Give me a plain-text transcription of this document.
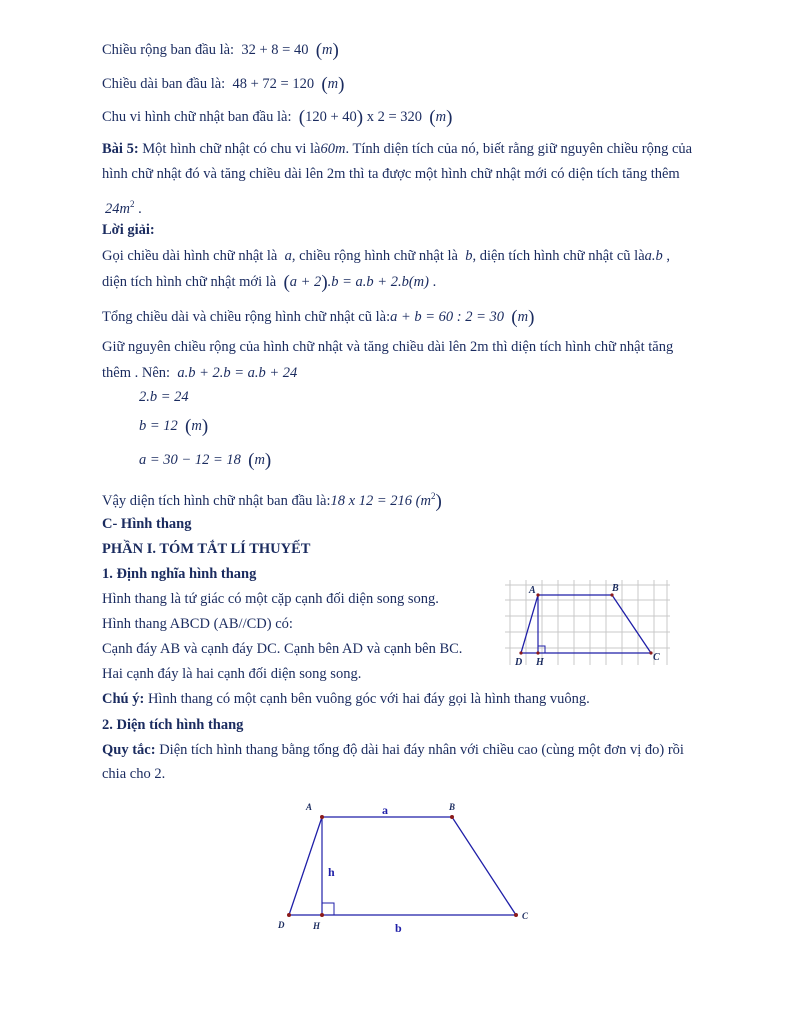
Chiều rộng ban đầu là: 32 + 8 = 40 (m)
Chiều dài ban đầu là: 48 + 72 = 120 (m)
Chu vi hình chữ nhật ban đầu là: (120 + 40) x 2 = 320 (m)
Bài 5: Một hình chữ nhật có chu vi là60m. Tính diện tích của nó, biết rằng giữ nguyên chiều rộng của
hình chữ nhật đó và tăng chiều dài lên 2m thì ta được một hình chữ nhật mới có diện tích tăng thêm
$24m^2$ .
Lời giải:
Gọi chiều dài hình chữ nhật là a, chiều rộng hình chữ nhật là b, diện tích hình chữ nhật cũ làa.b ,
diện tích hình chữ nhật mới là (a + 2).b = a.b + 2.b(m) .
Tổng chiều dài và chiều rộng hình chữ nhật cũ là:a + b = 60 : 2 = 30 (m)
Giữ nguyên chiều rộng của hình chữ nhật và tăng chiều dài lên 2m thì diện tích hình chữ nhật tăng
thêm . Nên: a.b + 2.b = a.b + 24
2.b = 24
b = 12 (m)
a = 30 − 12 = 18 (m)
Vậy diện tích hình chữ nhật ban đầu là:18 x 12 = 216 $(m^2)$
C- Hình thang
PHẦN I. TÓM TẮT LÍ THUYẾT
1. Định nghĩa hình thang
Hình thang là tứ giác có một cặp cạnh đối diện song song.
Hình thang ABCD (AB//CD) có:
Cạnh đáy AB và cạnh đáy DC. Cạnh bên AD và cạnh bên BC.
Hai cạnh đáy là hai cạnh đối diện song song.
Chú ý: Hình thang có một cạnh bên vuông góc với hai đáy gọi là hình thang vuông.
2. Diện tích hình thang
Quy tắc: Diện tích hình thang bằng tổng độ dài hai đáy nhân với chiều cao (cùng một đơn vị đo) rồi
chia cho 2.
A	B
C
D H
A	B
C
D	H
a
h
b
